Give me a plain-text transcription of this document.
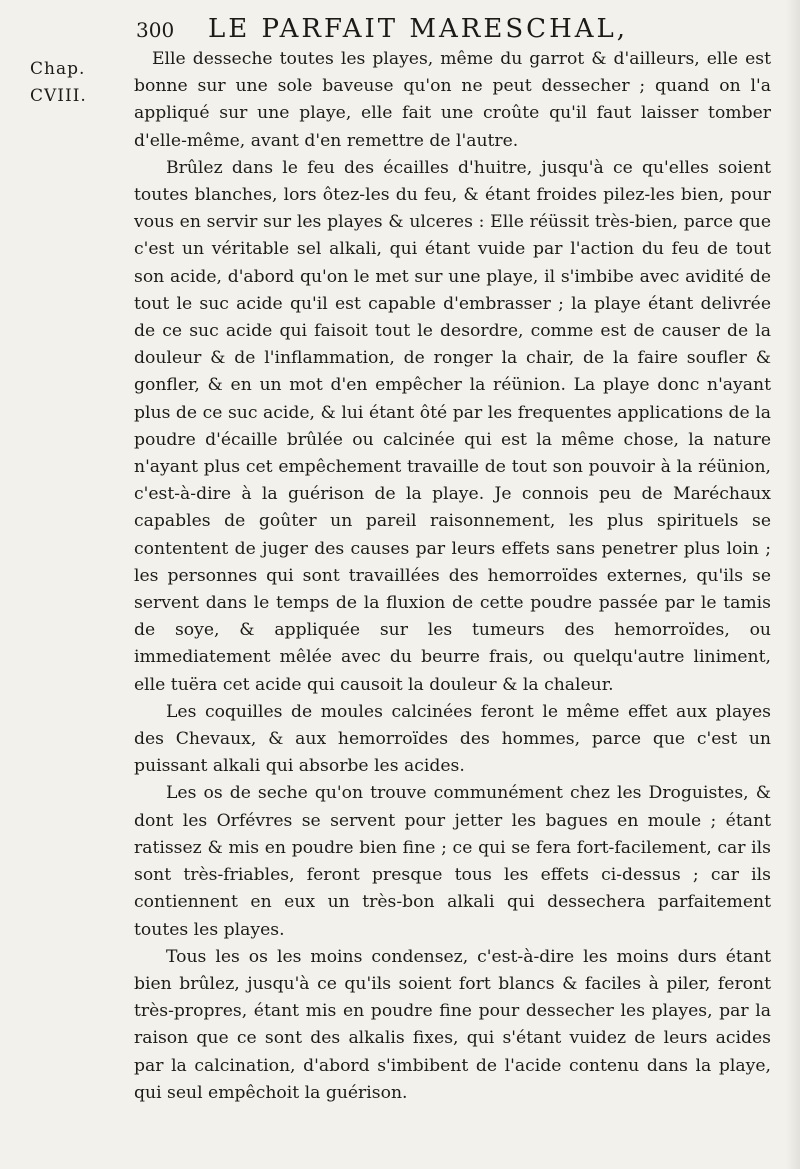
300	LE PARFAIT MARESCHAL,
Chap.
CVIII.

Elle desseche toutes les playes, même du garrot & d'ailleurs, elle est bonne sur une sole baveuse qu'on ne peut dessecher ; quand on l'a appliqué sur une playe, elle fait une croûte qu'il faut laisser tomber d'elle-même, avant d'en remettre de l'autre.

Brûlez dans le feu des écailles d'huitre, jusqu'à ce qu'elles soient toutes blanches, lors ôtez-les du feu, & étant froides pilez-les bien, pour vous en servir sur les playes & ulceres : Elle réüssit très-bien, parce que c'est un véritable sel alkali, qui étant vuide par l'action du feu de tout son acide, d'abord qu'on le met sur une playe, il s'imbibe avec avidité de tout le suc acide qu'il est capable d'embrasser ; la playe étant delivrée de ce suc acide qui faisoit tout le desordre, comme est de causer de la douleur & de l'inflammation, de ronger la chair, de la faire soufler & gonfler, & en un mot d'en empêcher la réünion. La playe donc n'ayant plus de ce suc acide, & lui étant ôté par les frequentes applications de la poudre d'écaille brûlée ou calcinée qui est la même chose, la nature n'ayant plus cet empêchement travaille de tout son pouvoir à la réünion, c'est-à-dire à la guérison de la playe. Je connois peu de Maréchaux capables de goûter un pareil raisonnement, les plus spirituels se contentent de juger des causes par leurs effets sans penetrer plus loin ; les personnes qui sont travaillées des hemorroïdes externes, qu'ils se servent dans le temps de la fluxion de cette poudre passée par le tamis de soye, & appliquée sur les tumeurs des hemorroïdes, ou immediatement mêlée avec du beurre frais, ou quelqu'autre liniment, elle tuëra cet acide qui causoit la douleur & la chaleur.

Les coquilles de moules calcinées feront le même effet aux playes des Chevaux, & aux hemorroïdes des hommes, parce que c'est un puissant alkali qui absorbe les acides.

Les os de seche qu'on trouve communément chez les Droguistes, & dont les Orfévres se servent pour jetter les bagues en moule ; étant ratissez & mis en poudre bien fine ; ce qui se fera fort-facilement, car ils sont très-friables, feront presque tous les effets ci-dessus ; car ils contiennent en eux un très-bon alkali qui dessechera parfaitement toutes les playes.

Tous les os les moins condensez, c'est-à-dire les moins durs étant bien brûlez, jusqu'à ce qu'ils soient fort blancs & faciles à piler, feront très-propres, étant mis en poudre fine pour dessecher les playes, par la raison que ce sont des alkalis fixes, qui s'étant vuidez de leurs acides par la calcination, d'abord s'imbibent de l'acide contenu dans la playe, qui seul empêchoit la guérison.
